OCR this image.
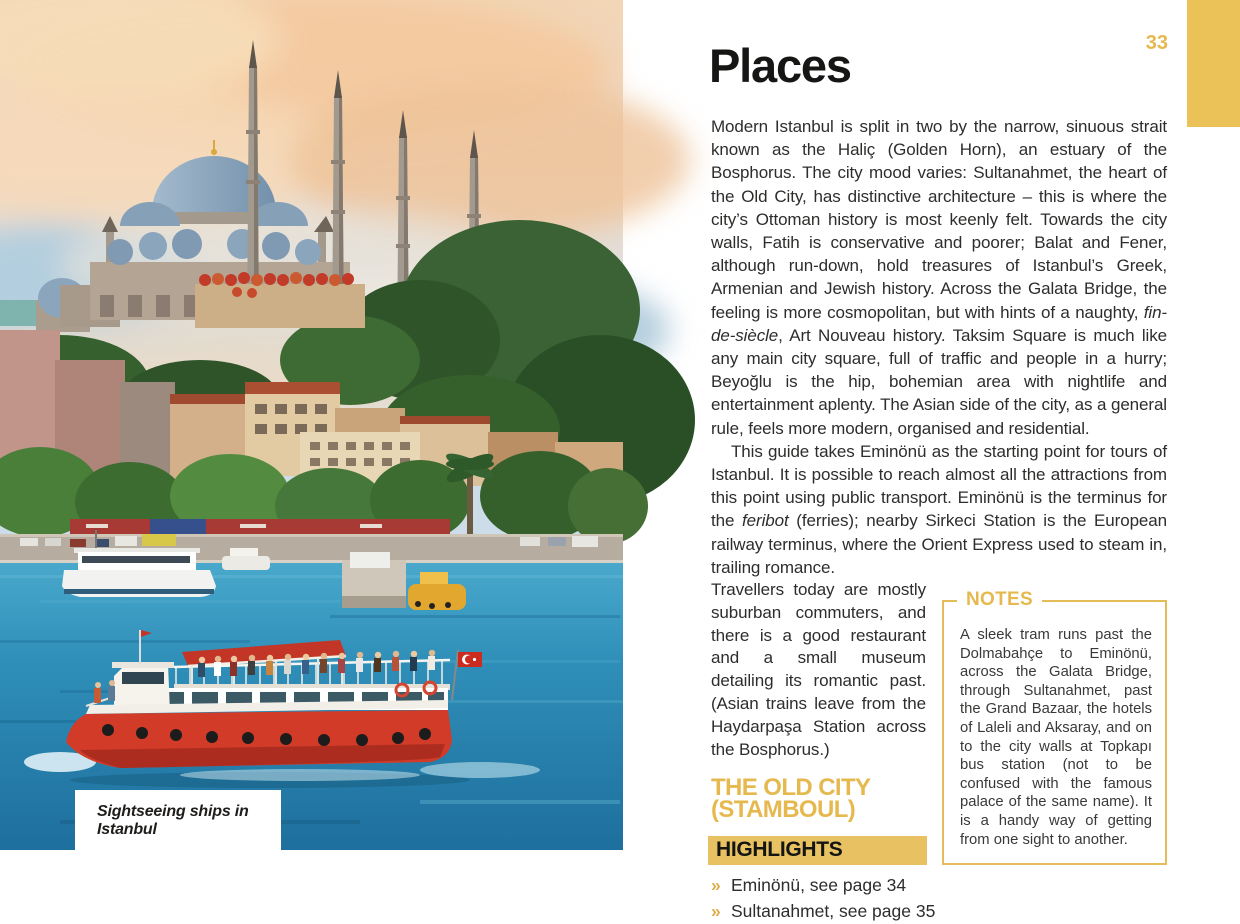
Sightseeing ships in Istanbul
33
Places

Modern Istanbul is split in two by the narrow, sinuous strait known as the Haliç (Golden Horn), an estuary of the Bosphorus. The city mood varies: Sultanahmet, the heart of the Old City, has distinctive architecture – this is where the city’s Ottoman history is most keenly felt. Towards the city walls, Fatih is conservative and poorer; Balat and Fener, although run-down, hold treasures of Istanbul’s Greek, Armenian and Jewish history. Across the Galata Bridge, the feeling is more cosmopolitan, but with hints of a naughty, fin-de-siècle, Art Nouveau history. Taksim Square is much like any main city square, full of traffic and people in a hurry; Beyoğlu is the hip, bohemian area with nightlife and entertainment aplenty. The Asian side of the city, as a general rule, feels more modern, organised and residential.

This guide takes Eminönü as the starting point for tours of Istanbul. It is possible to reach almost all the attractions from this point using public transport. Eminönü is the terminus for the feribot (ferries); nearby Sirkeci Station is the European railway terminus, where the Orient Express used to steam in, trailing romance.

NOTES

A sleek tram runs past the Dolmabahçe to Eminönü, across the Galata Bridge, through Sultanahmet, past the Grand Bazaar, the hotels of Laleli and Aksaray, and on to the city walls at Topkapı bus station (not to be confused with the famous palace of the same name). It is a handy way of getting from one sight to another.

Travellers today are mostly suburban commuters, and there is a good restaurant and a small museum detailing its romantic past. (Asian trains leave from the Haydarpaşa Station across the Bosphorus.)

THE OLD CITY
(STAMBOUL)
HIGHLIGHTS
» Eminönü, see page 34
» Sultanahmet, see page 35
